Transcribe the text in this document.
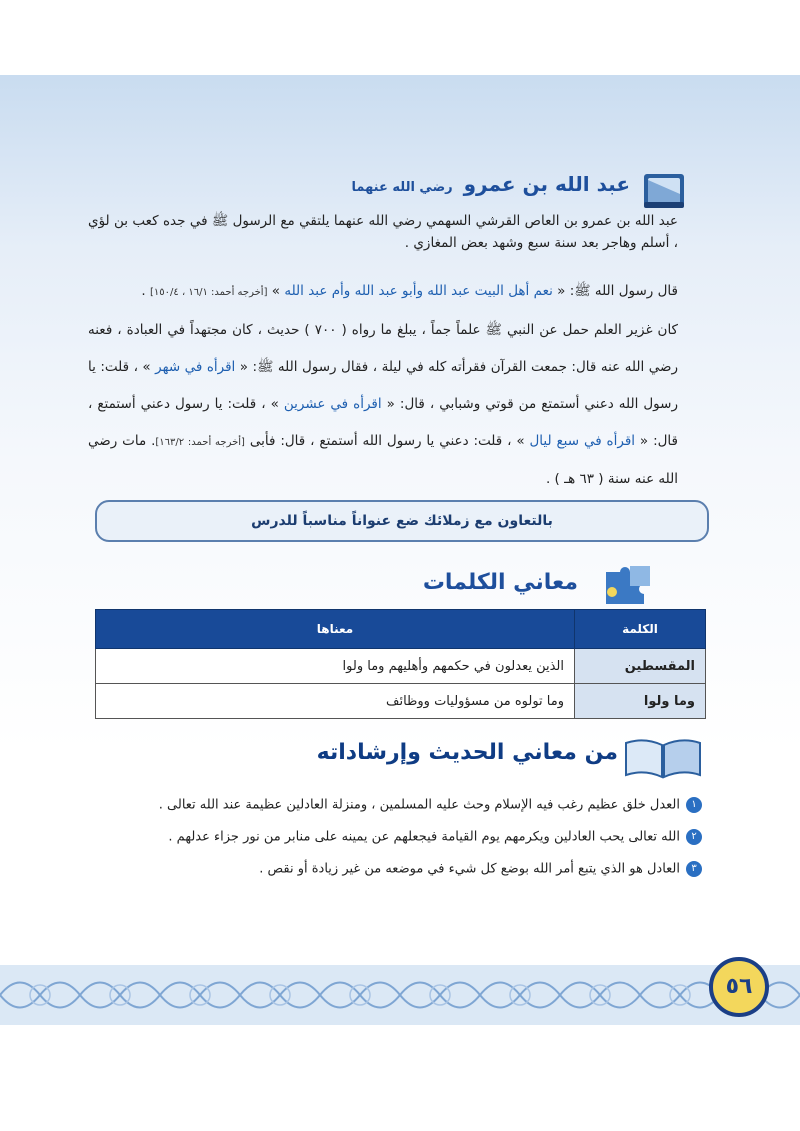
عبد الله بن عمرو رضي الله عنهما
عبد الله بن عمرو بن العاص القرشي السهمي رضي الله عنهما يلتقي مع الرسول ﷺ في جده كعب بن لؤي ، أسلم وهاجر بعد سنة سبع وشهد بعض المغازي .
قال رسول الله ﷺ: « نعم أهل البيت عبد الله وأبو عبد الله وأم عبد الله » [أخرجه أحمد: ١٦/١ ، ١٥٠/٤] .
كان غزير العلم حمل عن النبي ﷺ علماً جماً ، يبلغ ما رواه ( ٧٠٠ ) حديث ، كان مجتهداً في العبادة ، فعنه رضي الله عنه قال: جمعت القرآن فقرأته كله في ليلة ، فقال رسول الله ﷺ: « اقرأه في شهر » ، قلت: يا رسول الله دعني أستمتع من قوتي وشبابي ، قال: « اقرأه في عشرين » ، قلت: يا رسول دعني أستمتع ، قال: « اقرأه في سبع ليال » ، قلت: دعني يا رسول الله أستمتع ، قال: فأبى [أخرجه أحمد: ١٦٣/٢]. مات رضي الله عنه سنة ( ٦٣ هـ ) .
بالتعاون مع زملائك ضع عنواناً مناسباً للدرس
معاني الكلمات
الكلمة	معناها
المقسطين	الذين يعدلون في حكمهم وأهليهم وما ولوا
وما ولوا	وما تولوه من مسؤوليات ووظائف
من معاني الحديث وإرشاداته
١العدل خلق عظيم رغب فيه الإسلام وحث عليه المسلمين ، ومنزلة العادلين عظيمة عند الله تعالى .
٢الله تعالى يحب العادلين ويكرمهم يوم القيامة فيجعلهم عن يمينه على منابر من نور جزاء عدلهم .
٣العادل هو الذي يتبع أمر الله بوضع كل شيء في موضعه من غير زيادة أو نقص .
٥٦
